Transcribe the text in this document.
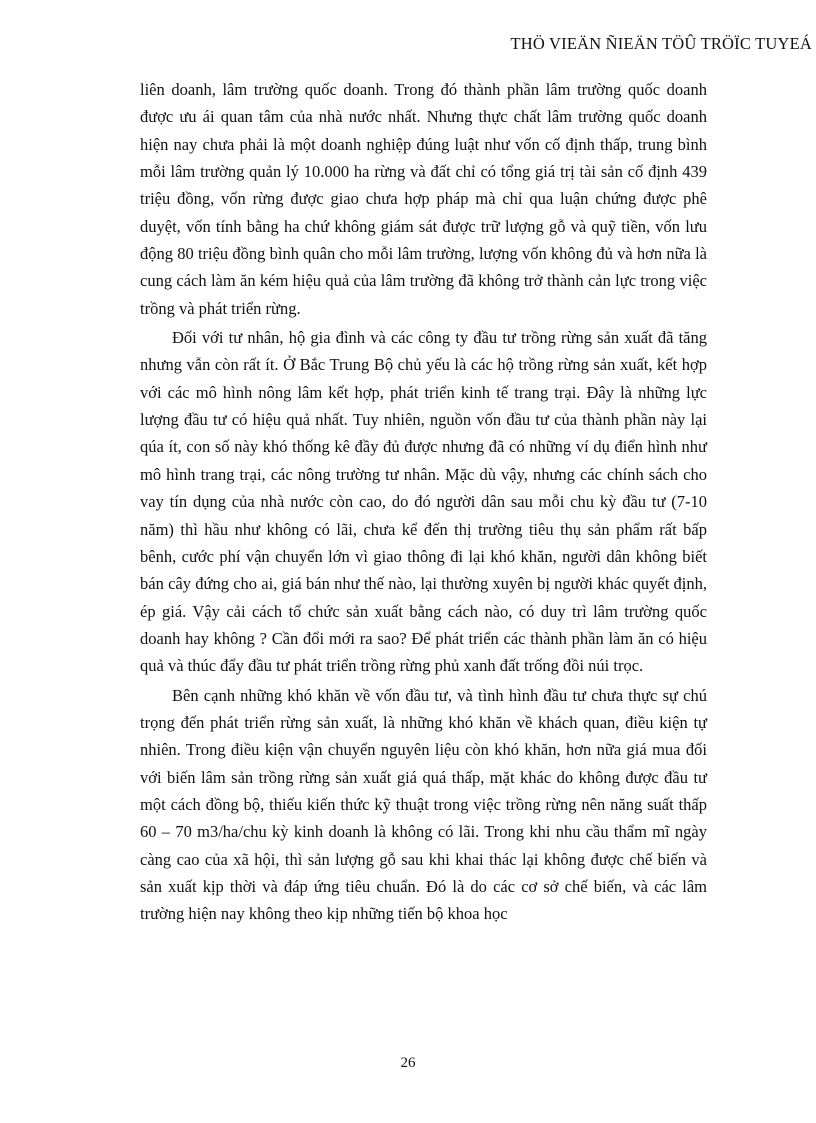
THÖ VIEÄN ÑIEÄN TÖÛ TRÖÏC TUYEÁ

liên doanh, lâm trường quốc doanh. Trong đó thành phần lâm trường quốc doanh được ưu ái quan tâm của nhà nước nhất. Nhưng thực chất lâm trường quốc doanh hiện nay chưa phải là một doanh nghiệp đúng luật như vốn cố định thấp, trung bình mỗi lâm trường quản lý 10.000 ha rừng và đất chỉ có tổng giá trị tài sản cố định 439 triệu đồng, vốn rừng được giao chưa hợp pháp mà chỉ qua luận chứng được phê duyệt, vốn tính bằng ha chứ không giám sát được trữ lượng gỗ và quỹ tiền, vốn lưu động 80 triệu đồng bình quân cho mỗi lâm trường, lượng vốn không đủ và hơn nữa là cung cách làm ăn kém hiệu quả của lâm trường đã không trở thành cản lực trong việc trồng và phát triển rừng.

Đối với tư nhân, hộ gia đình và các công ty đầu tư trồng rừng sản xuất đã tăng nhưng vẫn còn rất ít. Ở Bắc Trung Bộ chủ yếu là các hộ trồng rừng sản xuất, kết hợp với các mô hình nông lâm kết hợp, phát triển kinh tế trang trại. Đây là những lực lượng đầu tư có hiệu quả nhất. Tuy nhiên, nguồn vốn đầu tư của thành phần này lại qúa ít, con số này khó thống kê đầy đủ được nhưng đã có những ví dụ điển hình như mô hình trang trại, các nông trường tư nhân. Mặc dù vậy, nhưng các chính sách cho vay tín dụng của nhà nước còn cao, do đó người dân sau mỗi chu kỳ đầu tư (7-10 năm) thì hầu như không có lãi, chưa kể đến thị trường tiêu thụ sản phẩm rất bấp bênh, cước phí vận chuyển lớn vì giao thông đi lại khó khăn, người dân không biết bán cây đứng cho ai, giá bán như thế nào, lại thường xuyên bị người khác quyết định, ép giá. Vậy cải cách tổ chức sản xuất bằng cách nào, có duy trì lâm trường quốc doanh hay không ? Cần đổi mới ra sao? Để phát triển các thành phần làm ăn có hiệu quả và thúc đẩy đầu tư phát triển trồng rừng phủ xanh đất trống đồi núi trọc.

Bên cạnh những khó khăn về vốn đầu tư, và tình hình đầu tư chưa thực sự chú trọng đến phát triển rừng sản xuất, là những khó khăn về khách quan, điều kiện tự nhiên. Trong điều kiện vận chuyển nguyên liệu còn khó khăn, hơn nữa giá mua đối với biến lâm sản trồng rừng sản xuất giá quá thấp, mặt khác do không được đầu tư một cách đồng bộ, thiếu kiến thức kỹ thuật trong việc trồng rừng nên năng suất thấp 60 – 70 m3/ha/chu kỳ kinh doanh là không có lãi. Trong khi nhu cầu thẩm mĩ ngày càng cao của xã hội, thì sản lượng gỗ sau khi khai thác lại không được chế biến và sản xuất kịp thời và đáp ứng tiêu chuẩn. Đó là do các cơ sở chế biến, và các lâm trường hiện nay không theo kịp những tiến bộ khoa học

26
